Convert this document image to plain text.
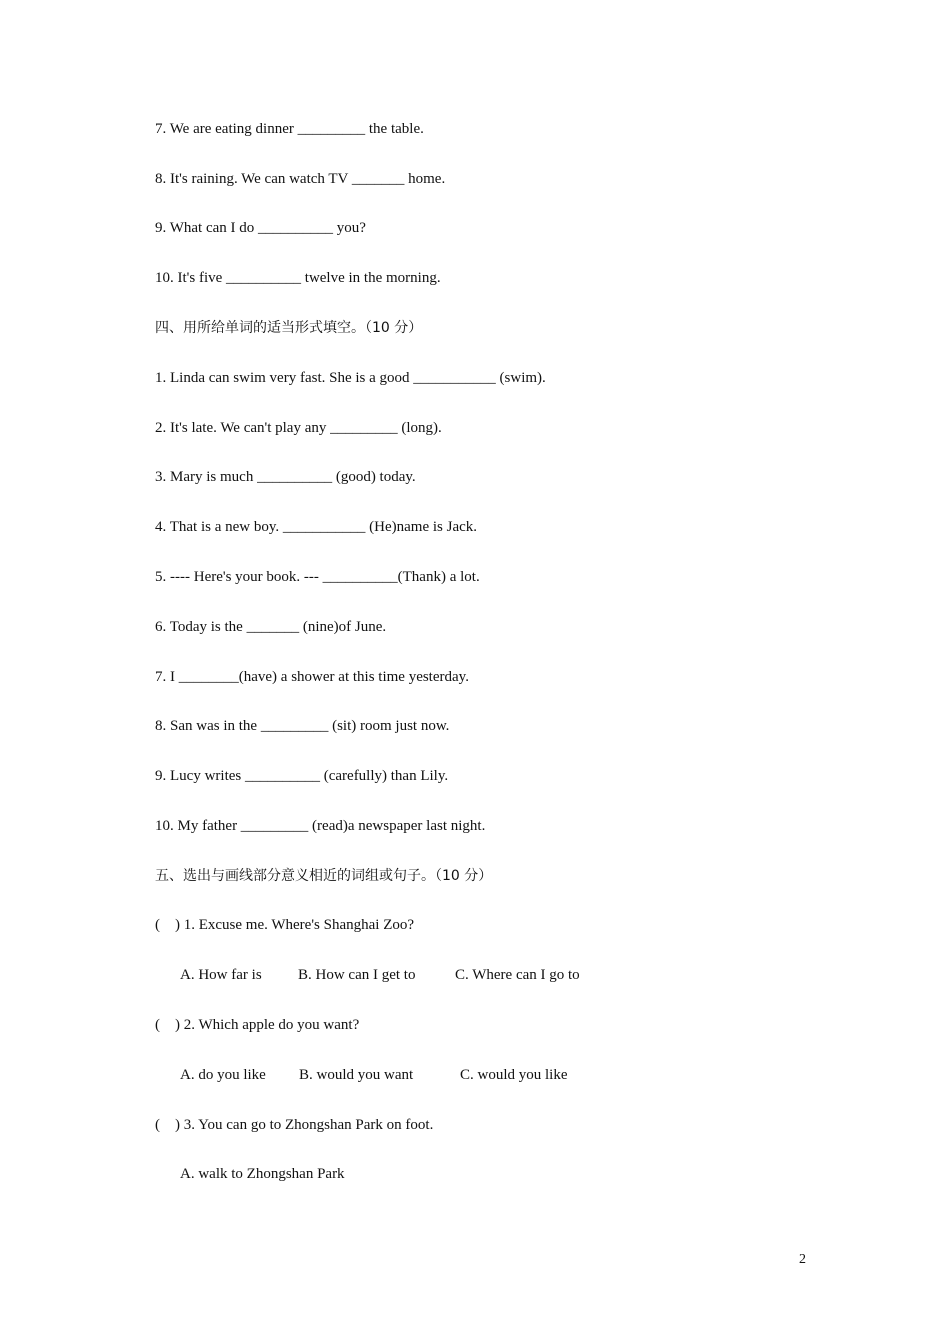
7. We are eating dinner _________ the table.
8. It's raining. We can watch TV _______ home.
9. What can I do __________ you?
10. It's five __________ twelve in the morning.
四、用所给单词的适当形式填空。（10 分）
1. Linda can swim very fast. She is a good ___________ (swim).
2. It's late. We can't play any _________ (long).
3. Mary is much __________ (good) today.
4. That is a new boy. ___________ (He)name is Jack.
5. ---- Here's your book. --- __________(Thank) a lot.
6. Today is the _______ (nine)of June.
7. I ________(have) a shower at this time yesterday.
8. San was in the _________ (sit) room just now.
9. Lucy writes __________ (carefully) than Lily.
10. My father _________ (read)a newspaper last night.
五、选出与画线部分意义相近的词组或句子。（10 分）
(    ) 1. Excuse me. Where's Shanghai Zoo?
A. How far is	B. How can I get to	C. Where can I go to
(    ) 2. Which apple do you want?
A. do you like	B. would you want	C. would you like
(    ) 3. You can go to Zhongshan Park on foot.
A. walk to Zhongshan Park
2
